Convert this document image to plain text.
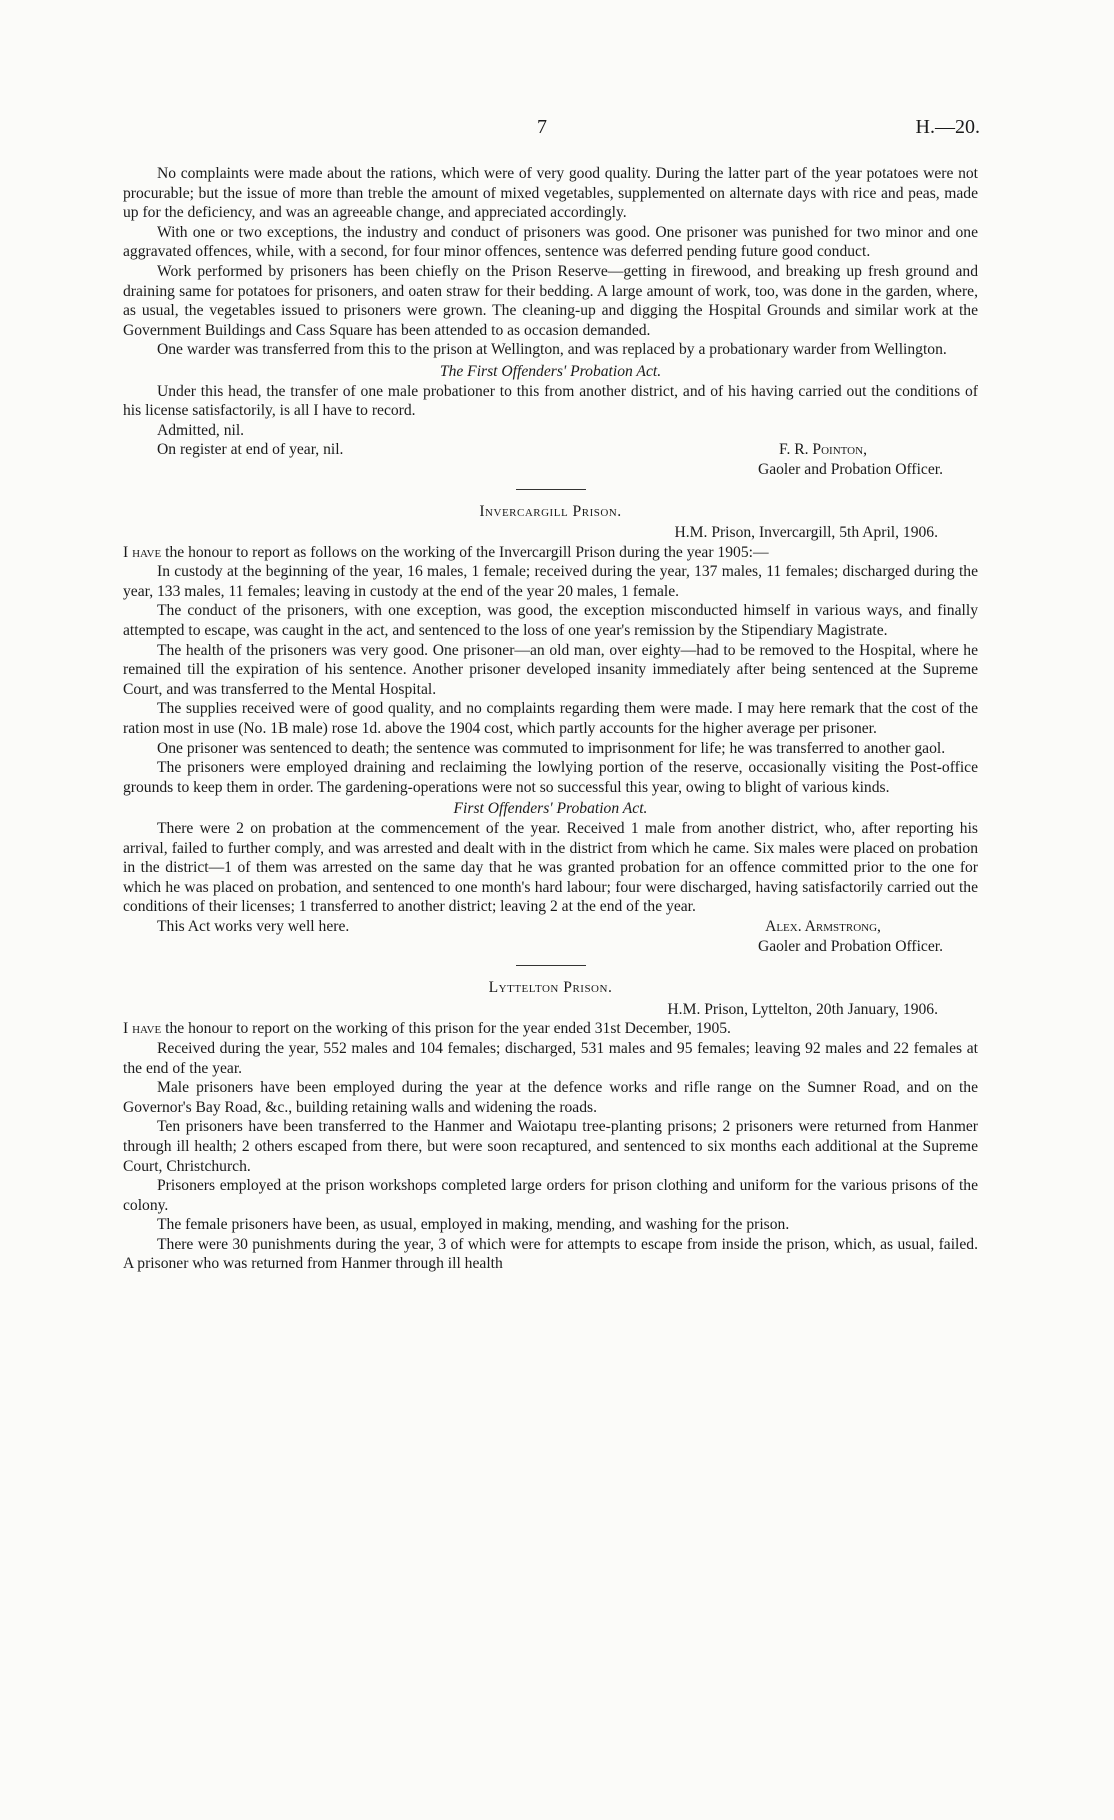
7	H.—20.

No complaints were made about the rations, which were of very good quality. During the latter part of the year potatoes were not procurable; but the issue of more than treble the amount of mixed vegetables, supplemented on alternate days with rice and peas, made up for the deficiency, and was an agreeable change, and appreciated accordingly.

With one or two exceptions, the industry and conduct of prisoners was good. One prisoner was punished for two minor and one aggravated offences, while, with a second, for four minor offences, sentence was deferred pending future good conduct.

Work performed by prisoners has been chiefly on the Prison Reserve—getting in firewood, and breaking up fresh ground and draining same for potatoes for prisoners, and oaten straw for their bedding. A large amount of work, too, was done in the garden, where, as usual, the vegetables issued to prisoners were grown. The cleaning-up and digging the Hospital Grounds and similar work at the Government Buildings and Cass Square has been attended to as occasion demanded.

One warder was transferred from this to the prison at Wellington, and was replaced by a probationary warder from Wellington.

The First Offenders' Probation Act.

Under this head, the transfer of one male probationer to this from another district, and of his having carried out the conditions of his license satisfactorily, is all I have to record.

Admitted, nil.

On register at end of year, nil.	F. R. Pointon,

Gaoler and Probation Officer.

Invercargill Prison.

H.M. Prison, Invercargill, 5th April, 1906.

I have the honour to report as follows on the working of the Invercargill Prison during the year 1905:—

In custody at the beginning of the year, 16 males, 1 female; received during the year, 137 males, 11 females; discharged during the year, 133 males, 11 females; leaving in custody at the end of the year 20 males, 1 female.

The conduct of the prisoners, with one exception, was good, the exception misconducted himself in various ways, and finally attempted to escape, was caught in the act, and sentenced to the loss of one year's remission by the Stipendiary Magistrate.

The health of the prisoners was very good. One prisoner—an old man, over eighty—had to be removed to the Hospital, where he remained till the expiration of his sentence. Another prisoner developed insanity immediately after being sentenced at the Supreme Court, and was transferred to the Mental Hospital.

The supplies received were of good quality, and no complaints regarding them were made. I may here remark that the cost of the ration most in use (No. 1B male) rose 1d. above the 1904 cost, which partly accounts for the higher average per prisoner.

One prisoner was sentenced to death; the sentence was commuted to imprisonment for life; he was transferred to another gaol.

The prisoners were employed draining and reclaiming the lowlying portion of the reserve, occasionally visiting the Post-office grounds to keep them in order. The gardening-operations were not so successful this year, owing to blight of various kinds.

First Offenders' Probation Act.

There were 2 on probation at the commencement of the year. Received 1 male from another district, who, after reporting his arrival, failed to further comply, and was arrested and dealt with in the district from which he came. Six males were placed on probation in the district—1 of them was arrested on the same day that he was granted probation for an offence committed prior to the one for which he was placed on probation, and sentenced to one month's hard labour; four were discharged, having satisfactorily carried out the conditions of their licenses; 1 transferred to another district; leaving 2 at the end of the year.

This Act works very well here.	Alex. Armstrong,

Gaoler and Probation Officer.

Lyttelton Prison.

H.M. Prison, Lyttelton, 20th January, 1906.

I have the honour to report on the working of this prison for the year ended 31st December, 1905.

Received during the year, 552 males and 104 females; discharged, 531 males and 95 females; leaving 92 males and 22 females at the end of the year.

Male prisoners have been employed during the year at the defence works and rifle range on the Sumner Road, and on the Governor's Bay Road, &c., building retaining walls and widening the roads.

Ten prisoners have been transferred to the Hanmer and Waiotapu tree-planting prisons; 2 prisoners were returned from Hanmer through ill health; 2 others escaped from there, but were soon recaptured, and sentenced to six months each additional at the Supreme Court, Christchurch.

Prisoners employed at the prison workshops completed large orders for prison clothing and uniform for the various prisons of the colony.

The female prisoners have been, as usual, employed in making, mending, and washing for the prison.

There were 30 punishments during the year, 3 of which were for attempts to escape from inside the prison, which, as usual, failed. A prisoner who was returned from Hanmer through ill health
